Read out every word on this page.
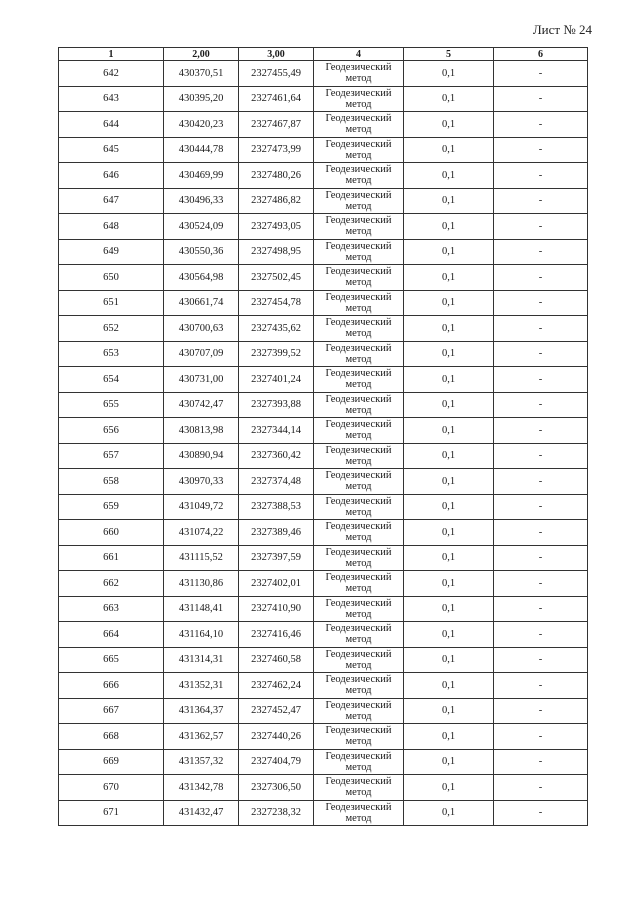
Лист № 24
1	2,00	3,00	4	5	6
642	430370,51	2327455,49	Геодезический метод	0,1	-
643	430395,20	2327461,64	Геодезический метод	0,1	-
644	430420,23	2327467,87	Геодезический метод	0,1	-
645	430444,78	2327473,99	Геодезический метод	0,1	-
646	430469,99	2327480,26	Геодезический метод	0,1	-
647	430496,33	2327486,82	Геодезический метод	0,1	-
648	430524,09	2327493,05	Геодезический метод	0,1	-
649	430550,36	2327498,95	Геодезический метод	0,1	-
650	430564,98	2327502,45	Геодезический метод	0,1	-
651	430661,74	2327454,78	Геодезический метод	0,1	-
652	430700,63	2327435,62	Геодезический метод	0,1	-
653	430707,09	2327399,52	Геодезический метод	0,1	-
654	430731,00	2327401,24	Геодезический метод	0,1	-
655	430742,47	2327393,88	Геодезический метод	0,1	-
656	430813,98	2327344,14	Геодезический метод	0,1	-
657	430890,94	2327360,42	Геодезический метод	0,1	-
658	430970,33	2327374,48	Геодезический метод	0,1	-
659	431049,72	2327388,53	Геодезический метод	0,1	-
660	431074,22	2327389,46	Геодезический метод	0,1	-
661	431115,52	2327397,59	Геодезический метод	0,1	-
662	431130,86	2327402,01	Геодезический метод	0,1	-
663	431148,41	2327410,90	Геодезический метод	0,1	-
664	431164,10	2327416,46	Геодезический метод	0,1	-
665	431314,31	2327460,58	Геодезический метод	0,1	-
666	431352,31	2327462,24	Геодезический метод	0,1	-
667	431364,37	2327452,47	Геодезический метод	0,1	-
668	431362,57	2327440,26	Геодезический метод	0,1	-
669	431357,32	2327404,79	Геодезический метод	0,1	-
670	431342,78	2327306,50	Геодезический метод	0,1	-
671	431432,47	2327238,32	Геодезический метод	0,1	-
